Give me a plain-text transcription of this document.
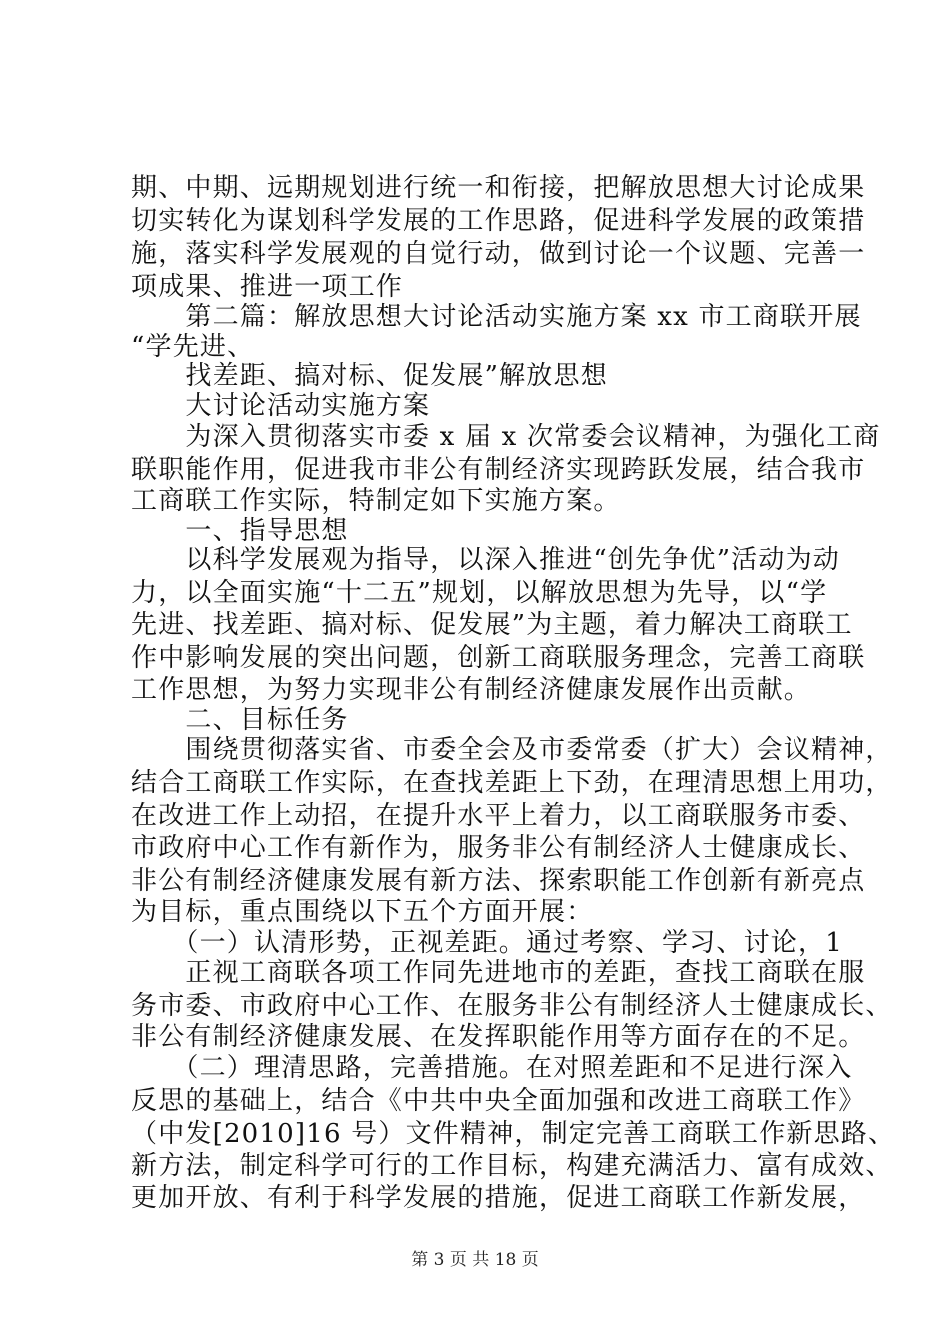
期、中期、远期规划进行统一和衔接，把解放思想大讨论成果
切实转化为谋划科学发展的工作思路，促进科学发展的政策措
施，落实科学发展观的自觉行动，做到讨论一个议题、完善一
项成果、推进一项工作
　　第二篇：解放思想大讨论活动实施方案 xx 市工商联开展
“学先进、
　　找差距、搞对标、促发展”解放思想
　　大讨论活动实施方案
　　为深入贯彻落实市委 x 届 x 次常委会议精神，为强化工商
联职能作用，促进我市非公有制经济实现跨跃发展，结合我市
工商联工作实际，特制定如下实施方案。
　　一、指导思想
　　以科学发展观为指导，以深入推进“创先争优”活动为动
力，以全面实施“十二五”规划，以解放思想为先导，以“学
先进、找差距、搞对标、促发展”为主题，着力解决工商联工
作中影响发展的突出问题，创新工商联服务理念，完善工商联
工作思想，为努力实现非公有制经济健康发展作出贡献。
　　二、目标任务
　　围绕贯彻落实省、市委全会及市委常委（扩大）会议精神，
结合工商联工作实际，在查找差距上下劲，在理清思想上用功，
在改进工作上动招，在提升水平上着力，以工商联服务市委、
市政府中心工作有新作为，服务非公有制经济人士健康成长、
非公有制经济健康发展有新方法、探索职能工作创新有新亮点
为目标，重点围绕以下五个方面开展：
　　（一）认清形势，正视差距。通过考察、学习、讨论，1
　　正视工商联各项工作同先进地市的差距，查找工商联在服
务市委、市政府中心工作、在服务非公有制经济人士健康成长、
非公有制经济健康发展、在发挥职能作用等方面存在的不足。
　　（二）理清思路，完善措施。在对照差距和不足进行深入
反思的基础上，结合《中共中央全面加强和改进工商联工作》
（中发[2010]16 号）文件精神，制定完善工商联工作新思路、
新方法，制定科学可行的工作目标，构建充满活力、富有成效、
更加开放、有利于科学发展的措施，促进工商联工作新发展，
第 3 页 共 18 页
